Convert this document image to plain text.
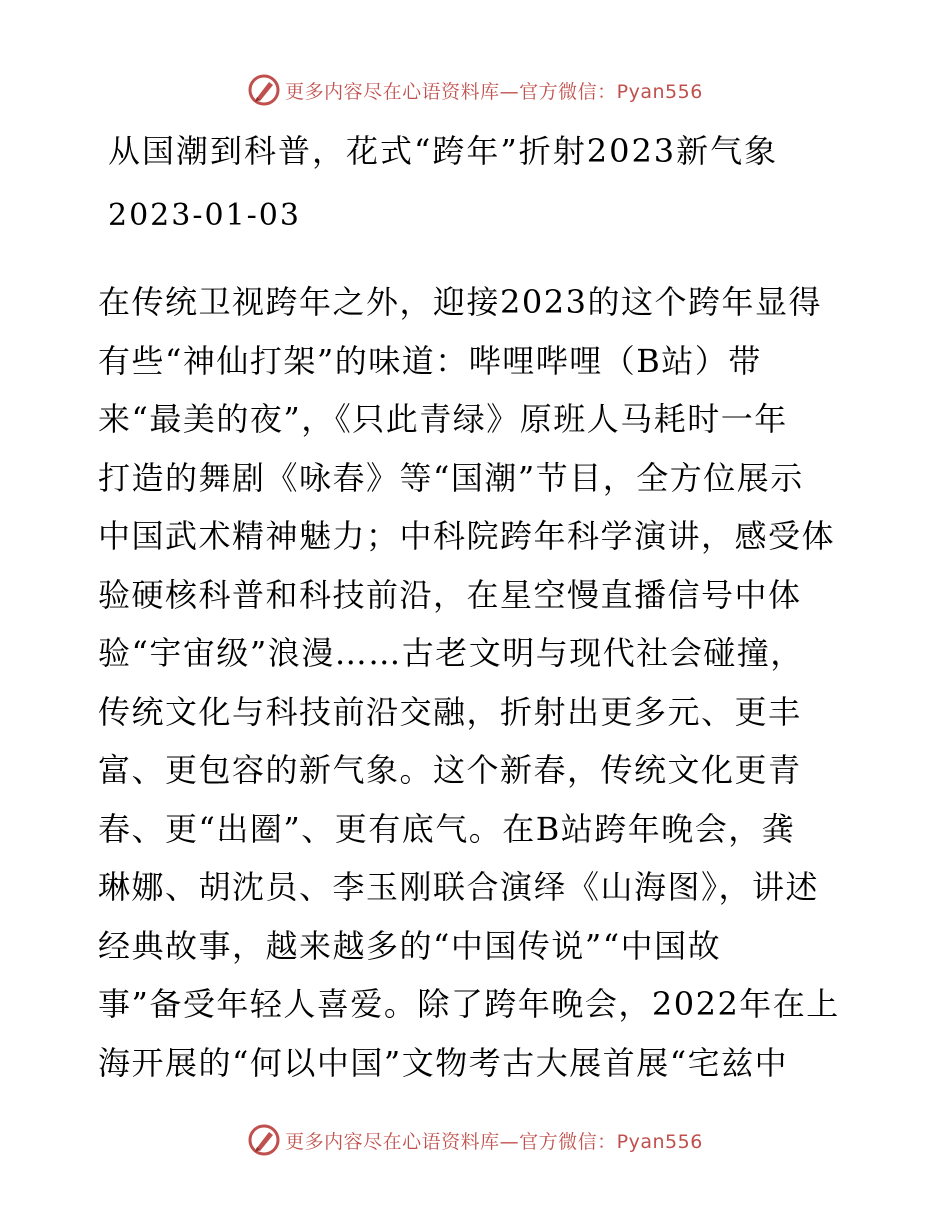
更多内容尽在心语资料库—官方微信：Pyan556
从国潮到科普，花式“跨年”折射2023新气象
2023-01-03
在传统卫视跨年之外，迎接2023的这个跨年显得
有些“神仙打架”的味道：哔哩哔哩（B站）带
来“最美的夜”，《只此青绿》原班人马耗时一年
打造的舞剧《咏春》等“国潮”节目，全方位展示
中国武术精神魅力；中科院跨年科学演讲，感受体
验硬核科普和科技前沿，在星空慢直播信号中体
验“宇宙级”浪漫……古老文明与现代社会碰撞，
传统文化与科技前沿交融，折射出更多元、更丰
富、更包容的新气象。这个新春，传统文化更青
春、更“出圈”、更有底气。在B站跨年晚会，龚
琳娜、胡沈员、李玉刚联合演绎《山海图》，讲述
经典故事，越来越多的“中国传说”“中国故
事”备受年轻人喜爱。除了跨年晚会，2022年在上
海开展的“何以中国”文物考古大展首展“宅兹中
更多内容尽在心语资料库—官方微信：Pyan556
